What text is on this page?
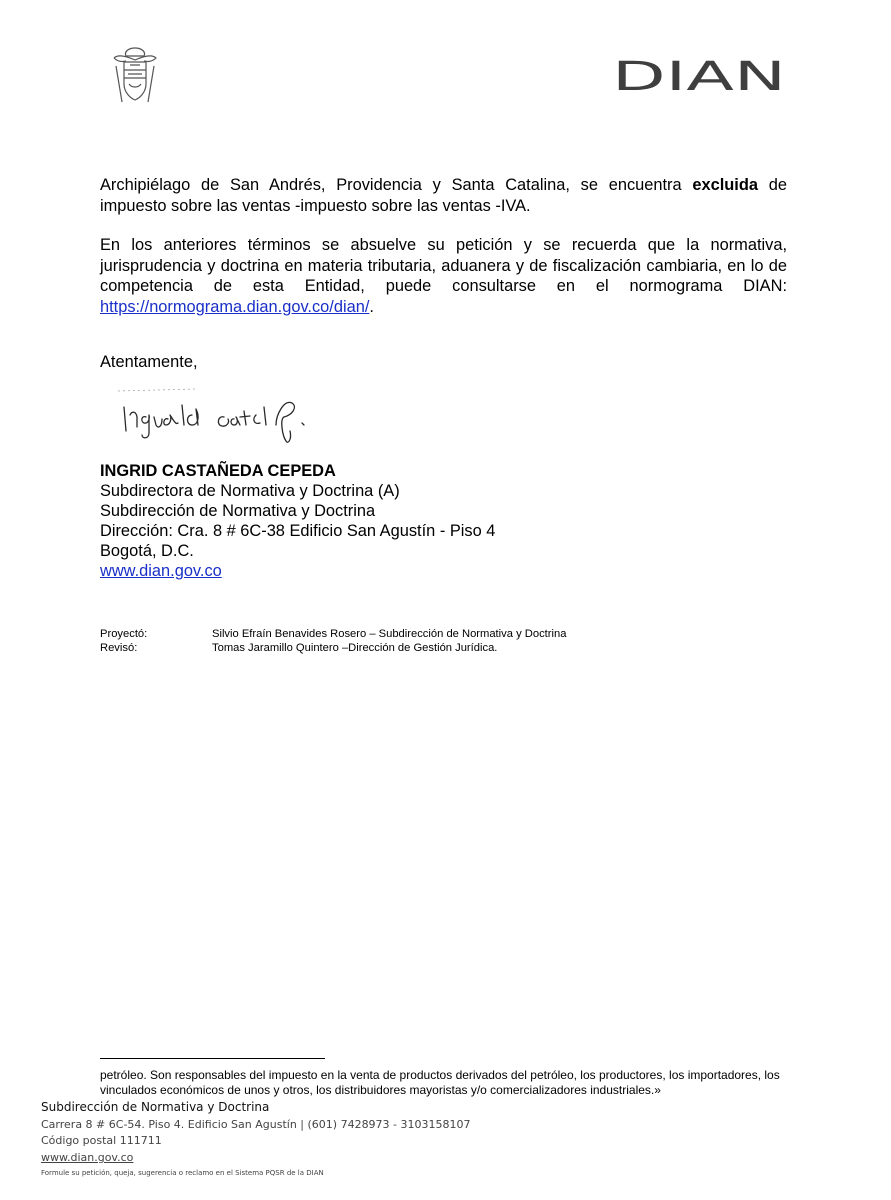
DIAN

Archipiélago de San Andrés, Providencia y Santa Catalina, se encuentra excluida de impuesto sobre las ventas -impuesto sobre las ventas -IVA.

En los anteriores términos se absuelve su petición y se recuerda que la normativa, jurisprudencia y doctrina en materia tributaria, aduanera y de fiscalización cambiaria, en lo de competencia de esta Entidad, puede consultarse en el normograma DIAN: https://normograma.dian.gov.co/dian/.

Atentamente,
INGRID CASTAÑEDA CEPEDA
Subdirectora de Normativa y Doctrina (A)
Subdirección de Normativa y Doctrina
Dirección: Cra. 8 # 6C-38 Edificio San Agustín - Piso 4
Bogotá, D.C.
www.dian.gov.co
Proyectó:	Silvio Efraín Benavides Rosero – Subdirección de Normativa y Doctrina
Revisó:	Tomas Jaramillo Quintero –Dirección de Gestión Jurídica.

petróleo. Son responsables del impuesto en la venta de productos derivados del petróleo, los productores, los importadores, los vinculados económicos de unos y otros, los distribuidores mayoristas y/o comercializadores industriales.»

Subdirección de Normativa y Doctrina
Carrera 8 # 6C-54. Piso 4. Edificio San Agustín | (601) 7428973 - 3103158107
Código postal 111711
www.dian.gov.co
Formule su petición, queja, sugerencia o reclamo en el Sistema PQSR de la DIAN
